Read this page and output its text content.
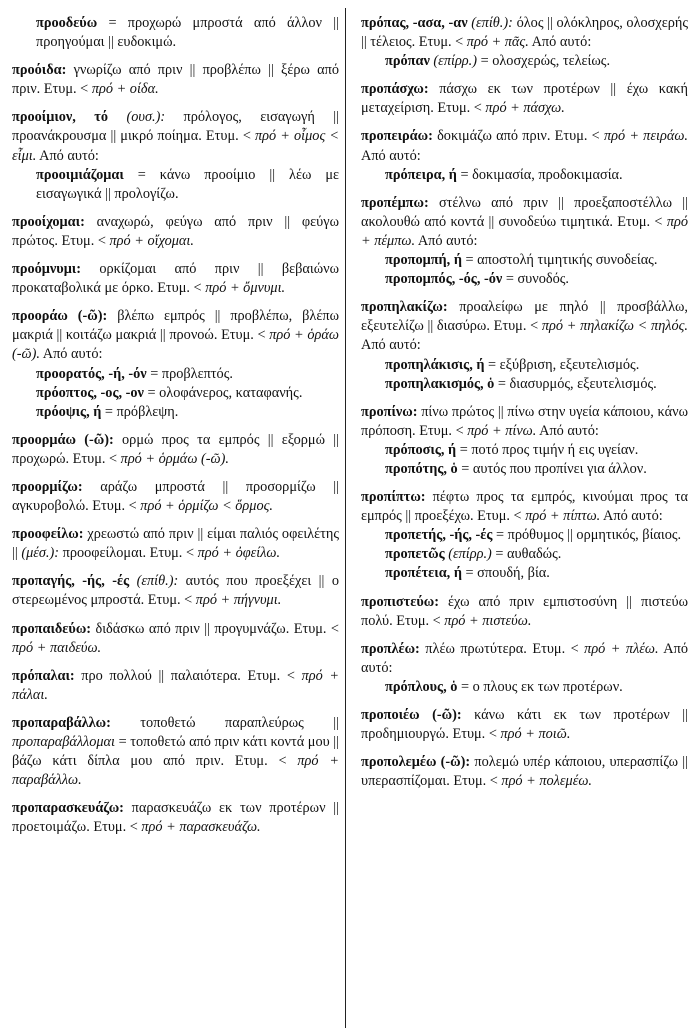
προοδεύω = προχωρώ μπροστά από άλλον || προηγούμαι || ευδοκιμώ.
προόιδα: γνωρίζω από πριν || προβλέπω || ξέρω από πριν. Ετυμ. < πρό + οίδα.
προοίμιον, τό (ουσ.): πρόλογος, εισαγωγή || προανάκρουσμα || μικρό ποίημα. Ετυμ. < πρό + οἶμος < εἶμι. Από αυτό:
προοιμιάζομαι = κάνω προοίμιο || λέω με εισαγωγικά || προλογίζω.
προοίχομαι: αναχωρώ, φεύγω από πριν || φεύγω πρώτος. Ετυμ. < πρό + οἴχομαι.
προόμνυμι: ορκίζομαι από πριν || βεβαιώνω προκαταβολικά με όρκο. Ετυμ. < πρό + ὄμνυμι.
προοράω (-ῶ): βλέπω εμπρός || προβλέπω, βλέπω μακριά || κοιτάζω μακριά || προνοώ. Ετυμ. < πρό + ὁράω (-ῶ). Από αυτό:
προορατός, -ή, -όν = προβλεπτός.
πρόοπτος, -ος, -ον = ολοφάνερος, καταφανής.
πρόοψις, ή = πρόβλεψη.
προορμάω (-ῶ): ορμώ προς τα εμπρός || εξορμώ || προχωρώ. Ετυμ. < πρό + ὁρμάω (-ῶ).
προορμίζω: αράζω μπροστά || προσορμίζω || αγκυροβολώ. Ετυμ. < πρό + ὁρμίζω < ὅρμος.
προοφείλω: χρεωστώ από πριν || είμαι παλιός οφειλέτης || (μέσ.): προοφείλομαι. Ετυμ. < πρό + ὀφείλω.
προπαγής, -ής, -ές (επίθ.): αυτός που προεξέχει || ο στερεωμένος μπροστά. Ετυμ. < πρό + πήγνυμι.
προπαιδεύω: διδάσκω από πριν || προγυμνάζω. Ετυμ. < πρό + παιδεύω.
πρόπαλαι: προ πολλού || παλαιότερα. Ετυμ. < πρό + πάλαι.
προπαραβάλλω: τοποθετώ παραπλεύρως || προπαραβάλλομαι = τοποθετώ από πριν κάτι κοντά μου || βάζω κάτι δίπλα μου από πριν. Ετυμ. < πρό + παραβάλλω.
προπαρασκευάζω: παρασκευάζω εκ των προτέρων || προετοιμάζω. Ετυμ. < πρό + παρασκευάζω.
πρόπας, -ασα, -αν (επίθ.): όλος || ολόκληρος, ολοσχερής || τέλειος. Ετυμ. < πρό + πᾶς. Από αυτό:
πρόπαν (επίρρ.) = ολοσχερώς, τελείως.
προπάσχω: πάσχω εκ των προτέρων || έχω κακή μεταχείριση. Ετυμ. < πρό + πάσχω.
προπειράω: δοκιμάζω από πριν. Ετυμ. < πρό + πειράω. Από αυτό:
πρόπειρα, ή = δοκιμασία, προδοκιμασία.
προπέμπω: στέλνω από πριν || προεξαποστέλλω || ακολουθώ από κοντά || συνοδεύω τιμητικά. Ετυμ. < πρό + πέμπω. Από αυτό:
προπομπή, ή = αποστολή τιμητικής συνοδείας.
προπομπός, -ός, -όν = συνοδός.
προπηλακίζω: προαλείφω με πηλό || προσβάλλω, εξευτελίζω || διασύρω. Ετυμ. < πρό + πηλακίζω < πηλός. Από αυτό:
προπηλάκισις, ή = εξύβριση, εξευτελισμός.
προπηλακισμός, ὁ = διασυρμός, εξευτελισμός.
προπίνω: πίνω πρώτος || πίνω στην υγεία κάποιου, κάνω πρόποση. Ετυμ. < πρό + πίνω. Από αυτό:
πρόποσις, ή = ποτό προς τιμήν ή εις υγείαν.
προπότης, ὁ = αυτός που προπίνει για άλλον.
προπίπτω: πέφτω προς τα εμπρός, κινούμαι προς τα εμπρός || προεξέχω. Ετυμ. < πρό + πίπτω. Από αυτό:
προπετής, -ής, -ές = πρόθυμος || ορμητικός, βίαιος.
προπετῶς (επίρρ.) = αυθαδώς.
προπέτεια, ή = σπουδή, βία.
προπιστεύω: έχω από πριν εμπιστοσύνη || πιστεύω πολύ. Ετυμ. < πρό + πιστεύω.
προπλέω: πλέω πρωτύτερα. Ετυμ. < πρό + πλέω. Από αυτό:
πρόπλους, ὁ = ο πλους εκ των προτέρων.
προποιέω (-ῶ): κάνω κάτι εκ των προτέρων || προδημιουργώ. Ετυμ. < πρό + ποιῶ.
προπολεμέω (-ῶ): πολεμώ υπέρ κάποιου, υπερασπίζω || υπερασπίζομαι. Ετυμ. < πρό + πολεμέω.
